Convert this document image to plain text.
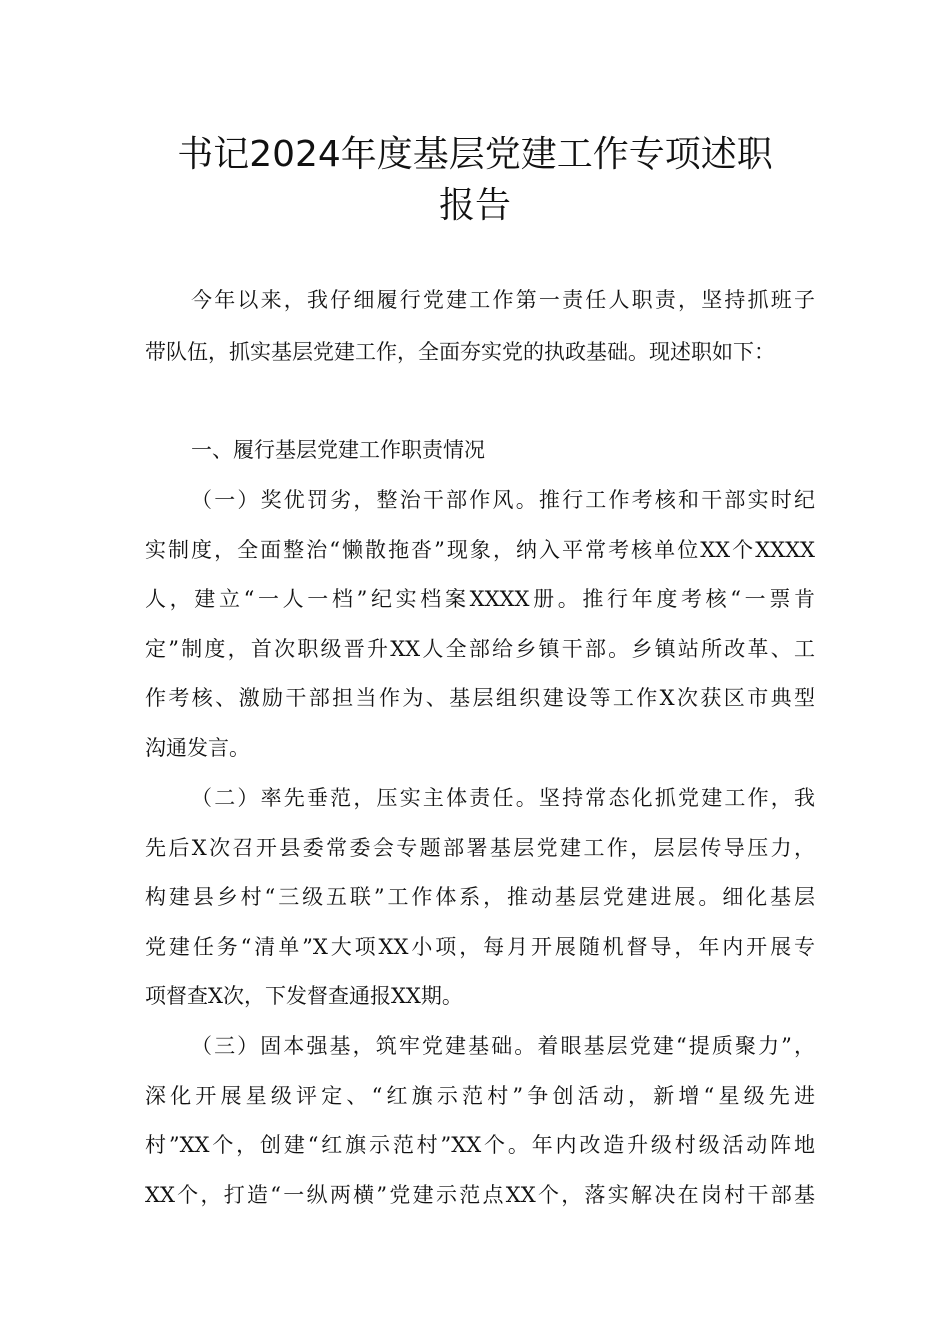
书记2024年度基层党建工作专项述职
报告
今年以来，我仔细履行党建工作第一责任人职责，坚持抓班子
带队伍，抓实基层党建工作，全面夯实党的执政基础。现述职如下：
一、履行基层党建工作职责情况
（一）奖优罚劣，整治干部作风。推行工作考核和干部实时纪
实制度，全面整治“懒散拖沓”现象，纳入平常考核单位XX个XXXX
人，建立“一人一档”纪实档案XXXX册。推行年度考核“一票肯
定”制度，首次职级晋升XX人全部给乡镇干部。乡镇站所改革、工
作考核、激励干部担当作为、基层组织建设等工作X次获区市典型
沟通发言。
（二）率先垂范，压实主体责任。坚持常态化抓党建工作，我
先后X次召开县委常委会专题部署基层党建工作，层层传导压力，
构建县乡村“三级五联”工作体系，推动基层党建进展。细化基层
党建任务“清单”X大项XX小项，每月开展随机督导，年内开展专
项督查X次，下发督查通报XX期。
（三）固本强基，筑牢党建基础。着眼基层党建“提质聚力”，
深化开展星级评定、“红旗示范村”争创活动，新增“星级先进
村”XX个，创建“红旗示范村”XX个。年内改造升级村级活动阵地
XX个，打造“一纵两横”党建示范点XX个，落实解决在岗村干部基
